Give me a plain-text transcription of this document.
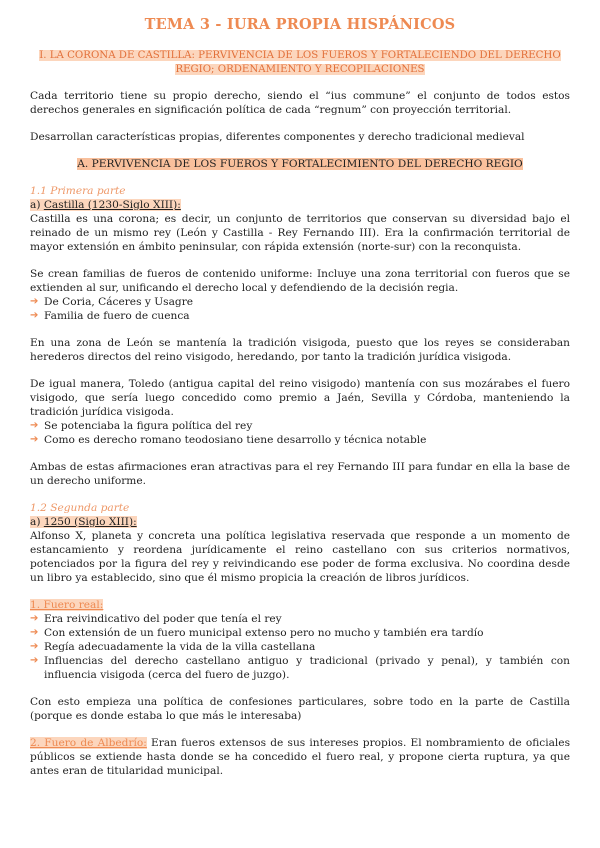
TEMA 3 - IURA PROPIA HISPÁNICOS
I. LA CORONA DE CASTILLA: PERVIVENCIA DE LOS FUEROS Y FORTALECIENDO DEL DERECHO
REGIO; ORDENAMIENTO Y RECOPILACIONES

Cada territorio tiene su propio derecho, siendo el “ius commune” el conjunto de todos estos derechos generales en significación política de cada “regnum” con proyección territorial.

Desarrollan características propias, diferentes componentes y derecho tradicional medieval

A. PERVIVENCIA DE LOS FUEROS Y FORTALECIMIENTO DEL DERECHO REGIO
1.1 Primera parte
a) Castilla (1230-Siglo XIII):

Castilla es una corona; es decir, un conjunto de territorios que conservan su diversidad bajo el reinado de un mismo rey (León y Castilla - Rey Fernando III). Era la confirmación territorial de mayor extensión en ámbito peninsular, con rápida extensión (norte-sur) con la reconquista.

Se crean familias de fueros de contenido uniforme: Incluye una zona territorial con fueros que se extienden al sur, unificando el derecho local y defendiendo de la decisión regia.

➔ De Coria, Cáceres y Usagre
➔ Familia de fuero de cuenca

En una zona de León se mantenía la tradición visigoda, puesto que los reyes se consideraban herederos directos del reino visigodo, heredando, por tanto la tradición jurídica visigoda.

De igual manera, Toledo (antigua capital del reino visigodo) mantenía con sus mozárabes el fuero visigodo, que sería luego concedido como premio a Jaén, Sevilla y Córdoba, manteniendo la tradición jurídica visigoda.

➔ Se potenciaba la figura política del rey
➔ Como es derecho romano teodosiano tiene desarrollo y técnica notable

Ambas de estas afirmaciones eran atractivas para el rey Fernando III para fundar en ella la base de un derecho uniforme.

1.2 Segunda parte
a) 1250 (Siglo XIII):

Alfonso X, planeta y concreta una política legislativa reservada que responde a un momento de estancamiento y reordena jurídicamente el reino castellano con sus criterios normativos, potenciados por la figura del rey y reivindicando ese poder de forma exclusiva. No coordina desde un libro ya establecido, sino que él mismo propicia la creación de libros jurídicos.

1. Fuero real:
➔ Era reivindicativo del poder que tenía el rey
➔ Con extensión de un fuero municipal extenso pero no mucho y también era tardío
➔ Regía adecuadamente la vida de la villa castellana
➔ Influencias del derecho castellano antiguo y tradicional (privado y penal), y también con influencia visigoda (cerca del fuero de juzgo).

Con esto empieza una política de confesiones particulares, sobre todo en la parte de Castilla (porque es donde estaba lo que más le interesaba)

2. Fuero de Albedrío: Eran fueros extensos de sus intereses propios. El nombramiento de oficiales públicos se extiende hasta donde se ha concedido el fuero real, y propone cierta ruptura, ya que antes eran de titularidad municipal.
